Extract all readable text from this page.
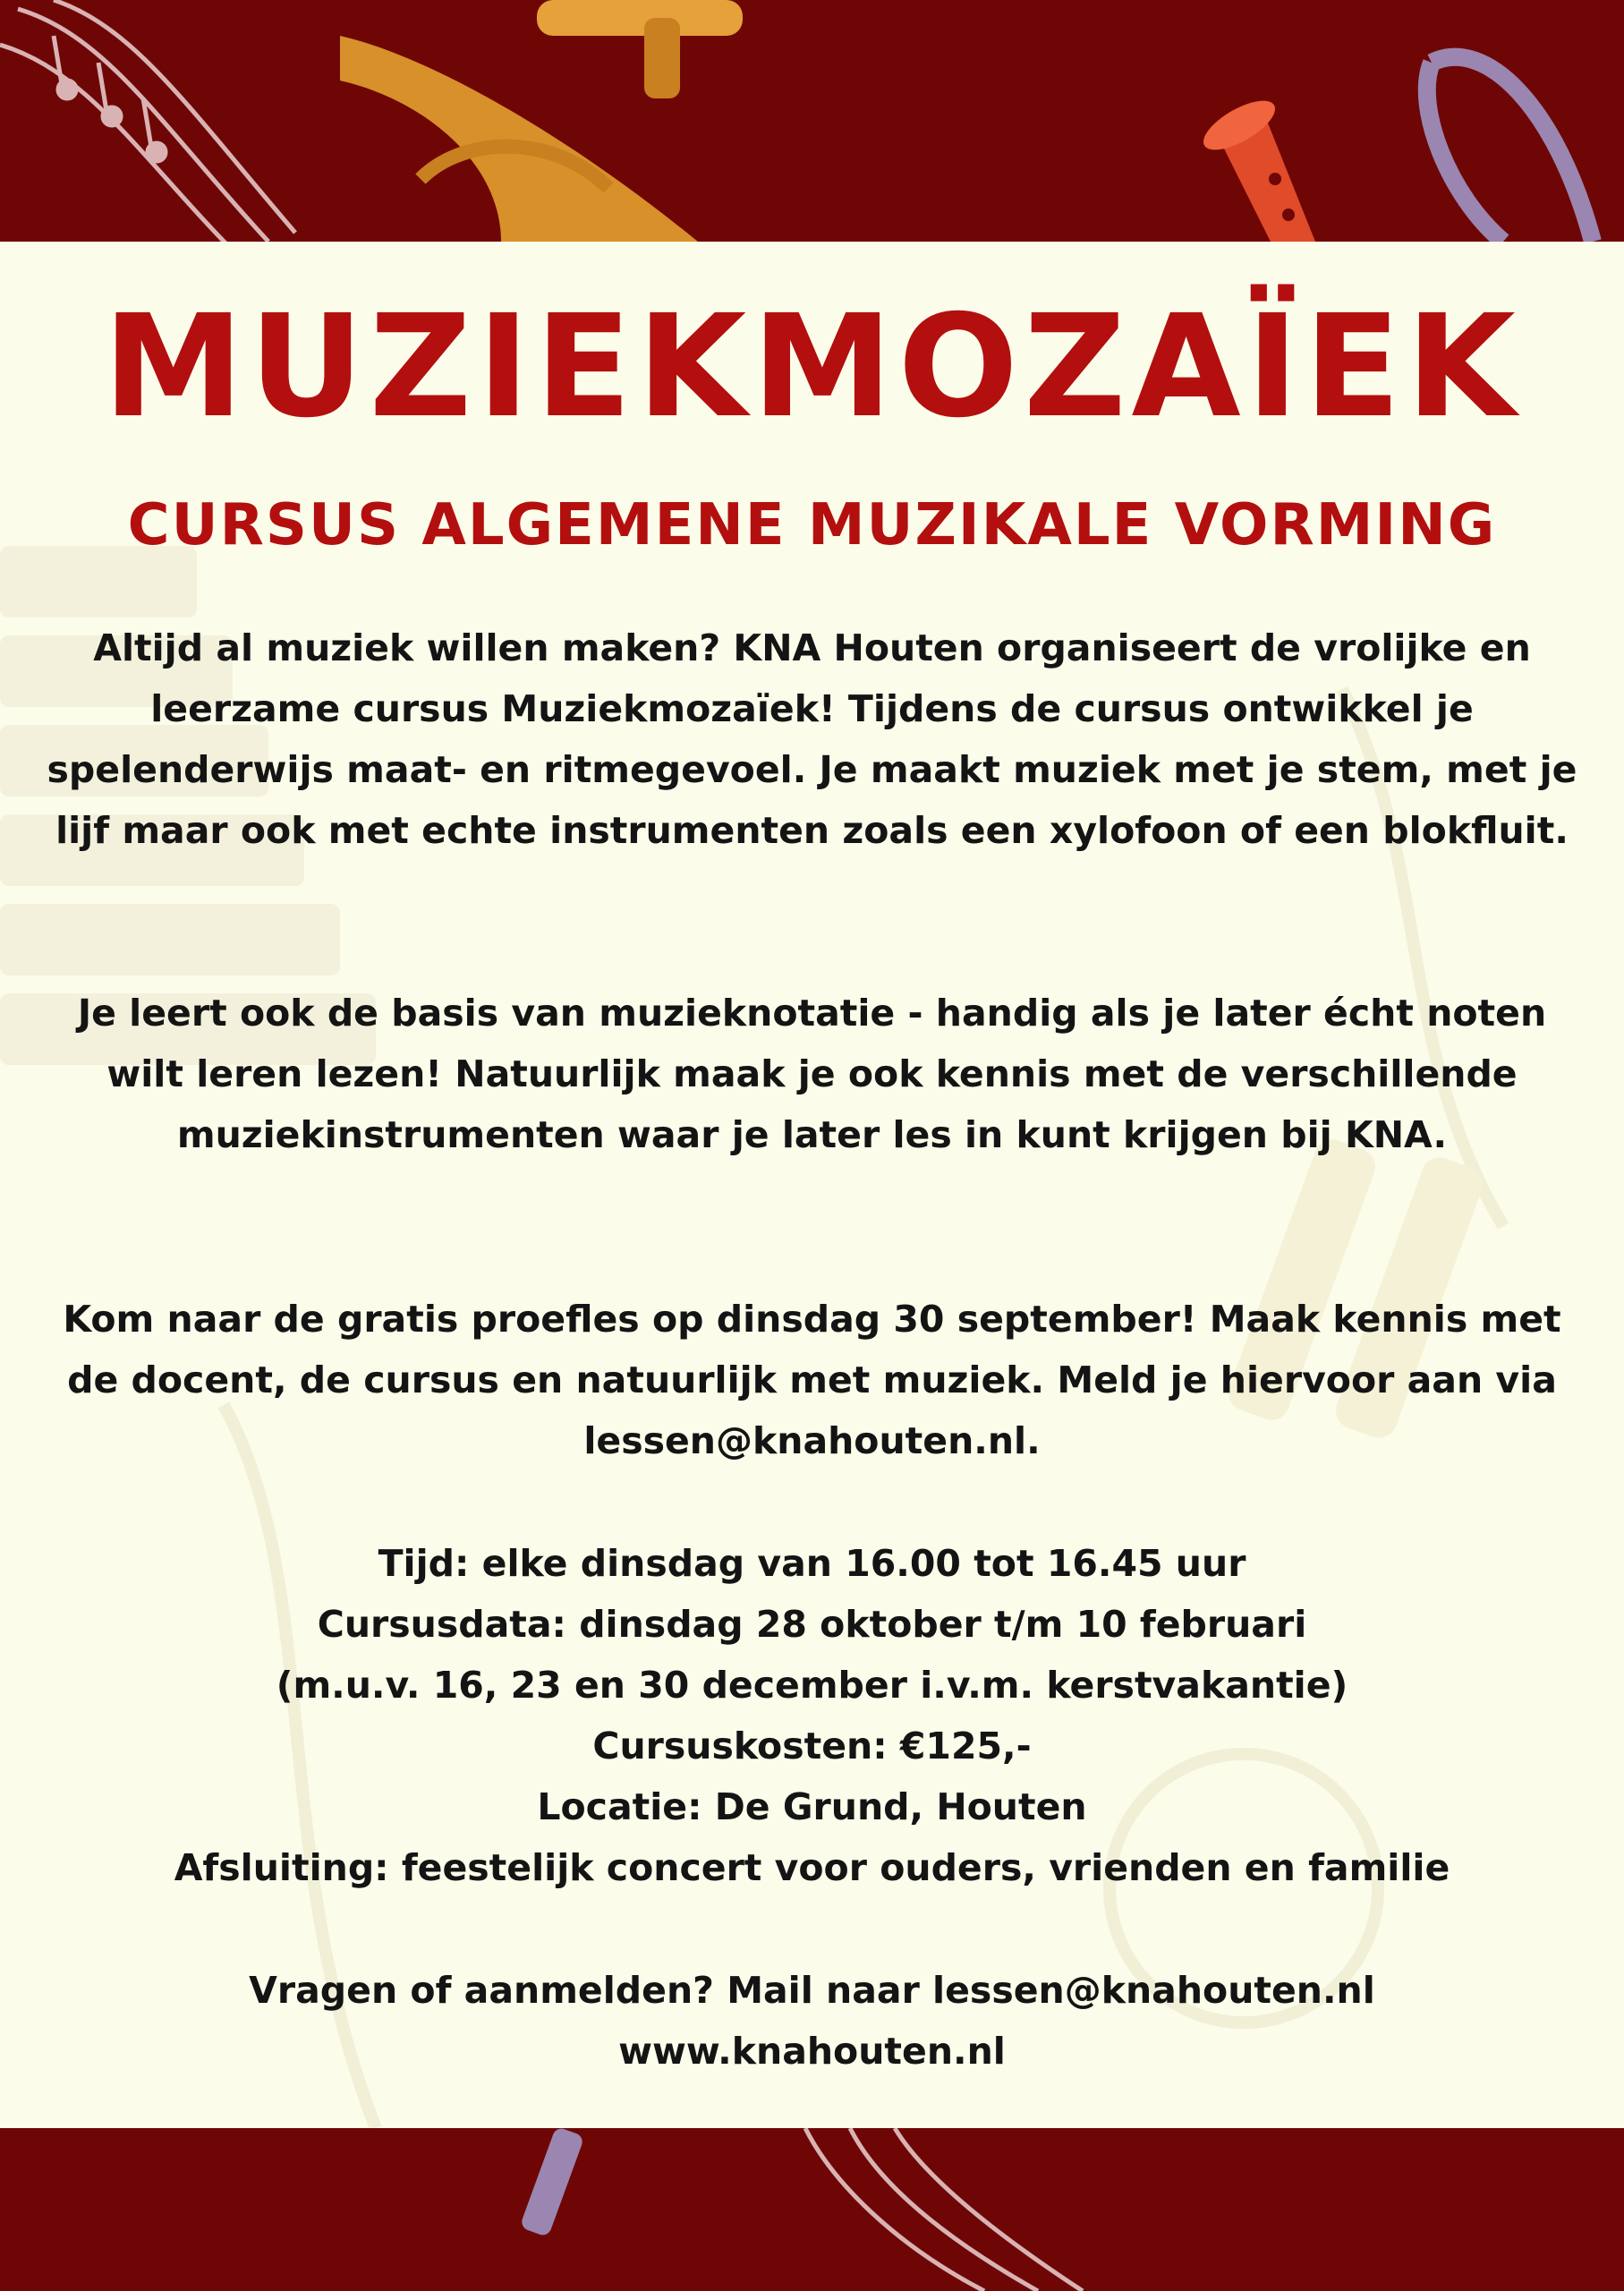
MUZIEKMOZAÏEK
CURSUS ALGEMENE MUZIKALE VORMING

Altijd al muziek willen maken? KNA Houten organiseert de vrolijke en leerzame cursus Muziekmozaïek! Tijdens de cursus ontwikkel je spelenderwijs maat- en ritmegevoel. Je maakt muziek met je stem, met je lijf maar ook met echte instrumenten zoals een xylofoon of een blokfluit.

Je leert ook de basis van muzieknotatie - handig als je later écht noten wilt leren lezen! Natuurlijk maak je ook kennis met de verschillende muziekinstrumenten waar je later les in kunt krijgen bij KNA.

Kom naar de gratis proefles op dinsdag 30 september! Maak kennis met de docent, de cursus en natuurlijk met muziek. Meld je hiervoor aan via lessen@knahouten.nl.

Tijd: elke dinsdag van 16.00 tot 16.45 uur
Cursusdata: dinsdag 28 oktober t/m 10 februari
(m.u.v. 16, 23 en 30 december i.v.m. kerstvakantie)
Cursuskosten: €125,-
Locatie: De Grund, Houten
Afsluiting: feestelijk concert voor ouders, vrienden en familie
Vragen of aanmelden? Mail naar lessen@knahouten.nl
www.knahouten.nl
